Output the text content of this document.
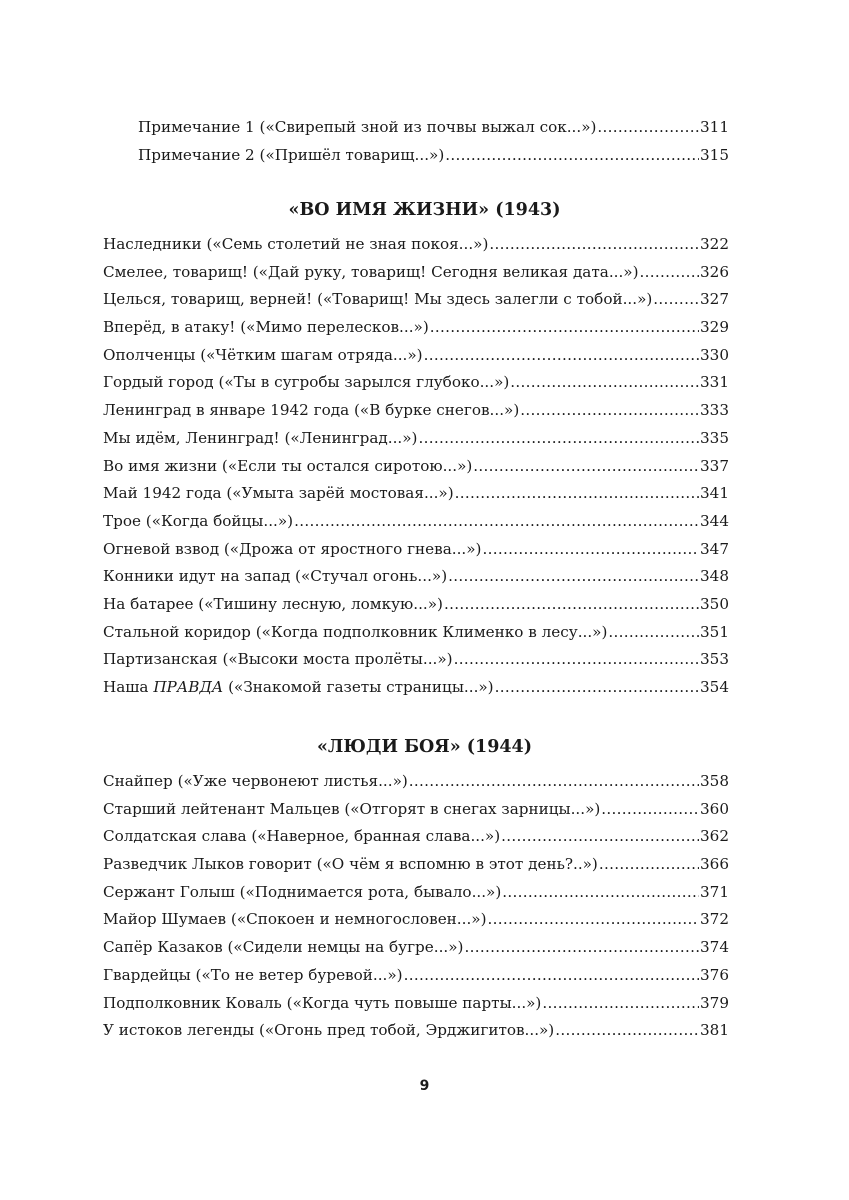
Примечание 1 («Свирепый зной из почвы выжал сок...») .....	311
Примечание 2 («Пришёл товарищ...») .....	315
«ВО ИМЯ ЖИЗНИ» (1943)
Наследники («Семь столетий не зная покоя...») .....	322
Смелее, товарищ! («Дай руку, товарищ! Сегодня великая дата...») .....	326
Целься, товарищ, верней! («Товарищ! Мы здесь залегли с тобой...») .....	327
Вперёд, в атаку! («Мимо перелесков...») .....	329
Ополченцы («Чётким шагам отряда...») .....	330
Гордый город («Ты в сугробы зарылся глубоко...») .....	331
Ленинград в январе 1942 года («В бурке снегов...») .....	333
Мы идём, Ленинград! («Ленинград...») .....	335
Во имя жизни («Если ты остался сиротою...») .....	337
Май 1942 года («Умыта зарёй мостовая...») .....	341
Трое («Когда бойцы...») .....	344
Огневой взвод («Дрожа от яростного гнева...») .....	347
Конники идут на запад («Стучал огонь...») .....	348
На батарее («Тишину лесную, ломкую...») .....	350
Стальной коридор («Когда подполковник Клименко в лесу...») .....	351
Партизанская («Высоки моста пролёты...») .....	353
Наша ПРАВДА («Знакомой газеты страницы...») .....	354
«ЛЮДИ БОЯ» (1944)
Снайпер («Уже червонеют листья...») .....	358
Старший лейтенант Мальцев («Отгорят в снегах зарницы...») .....	360
Солдатская слава («Наверное, бранная слава...») .....	362
Разведчик Лыков говорит («О чём я вспомню в этот день?..») .....	366
Сержант Голыш («Поднимается рота, бывало...») .....	371
Майор Шумаев («Спокоен и немногословен...») .....	372
Сапёр Казаков («Сидели немцы на бугре...») .....	374
Гвардейцы («То не ветер буревой...») .....	376
Подполковник Коваль («Когда чуть повыше парты...») .....	379
У истоков легенды («Огонь пред тобой, Эрджигитов...») .....	381
9
